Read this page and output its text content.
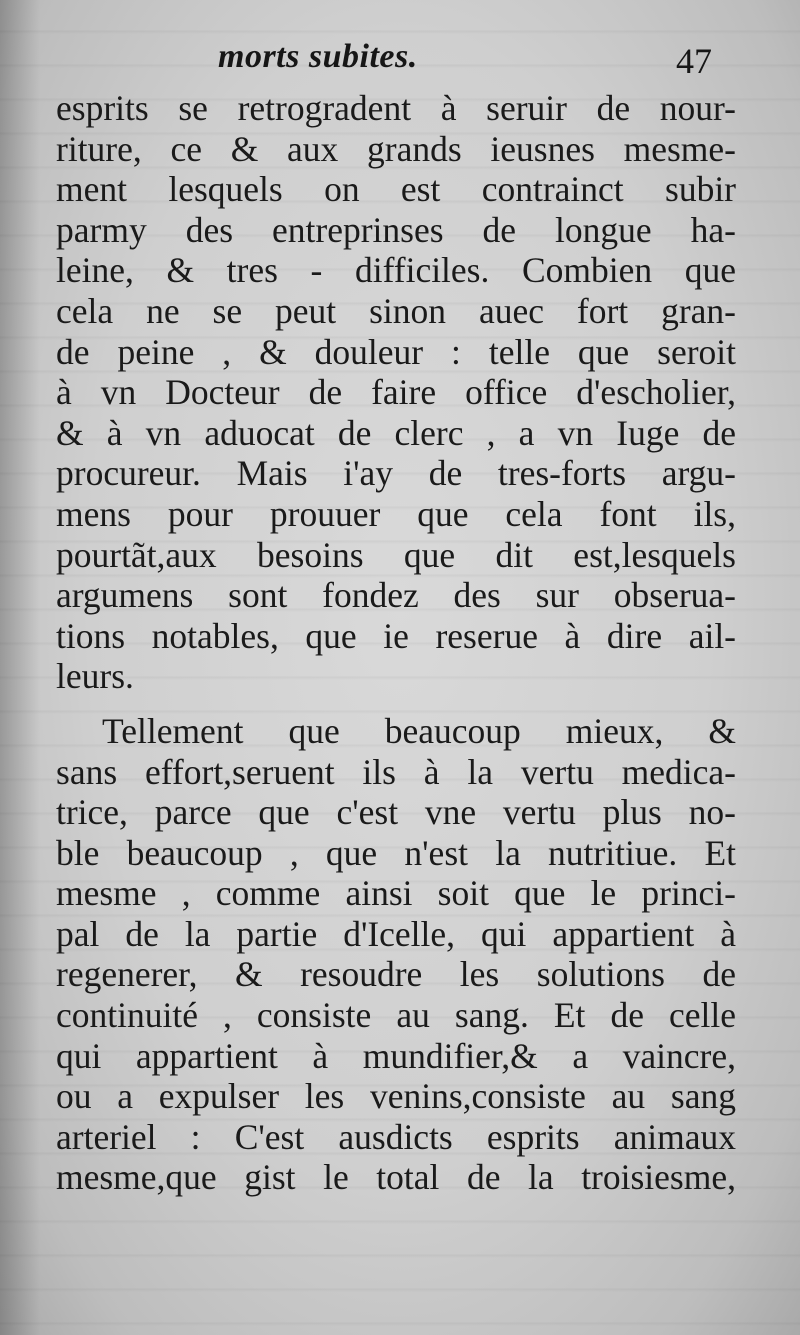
morts subites.	47
esprits se retrogradent à seruir de nour-
riture, ce & aux grands ieusnes mesme-
ment lesquels on est contrainct subir
parmy des entreprinses de longue ha-
leine, & tres - difficiles. Combien que
cela ne se peut sinon auec fort gran-
de peine , & douleur : telle que seroit
à vn Docteur de faire office d'escholier,
& à vn aduocat de clerc , a vn Iuge de
procureur. Mais i'ay de tres-forts argu-
mens pour prouuer que cela font ils,
pourtãt,aux besoins que dit est,lesquels
argumens sont fondez des sur obserua-
tions notables, que ie reserue à dire ail-
leurs.
Tellement que beaucoup mieux, &
sans effort,seruent ils à la vertu medica-
trice, parce que c'est vne vertu plus no-
ble beaucoup , que n'est la nutritiue. Et
mesme , comme ainsi soit que le princi-
pal de la partie d'Icelle, qui appartient à
regenerer, & resoudre les solutions de
continuité , consiste au sang. Et de celle
qui appartient à mundifier,& a vaincre,
ou a expulser les venins,consiste au sang
arteriel : C'est ausdicts esprits animaux
mesme,que gist le total de la troisiesme,
